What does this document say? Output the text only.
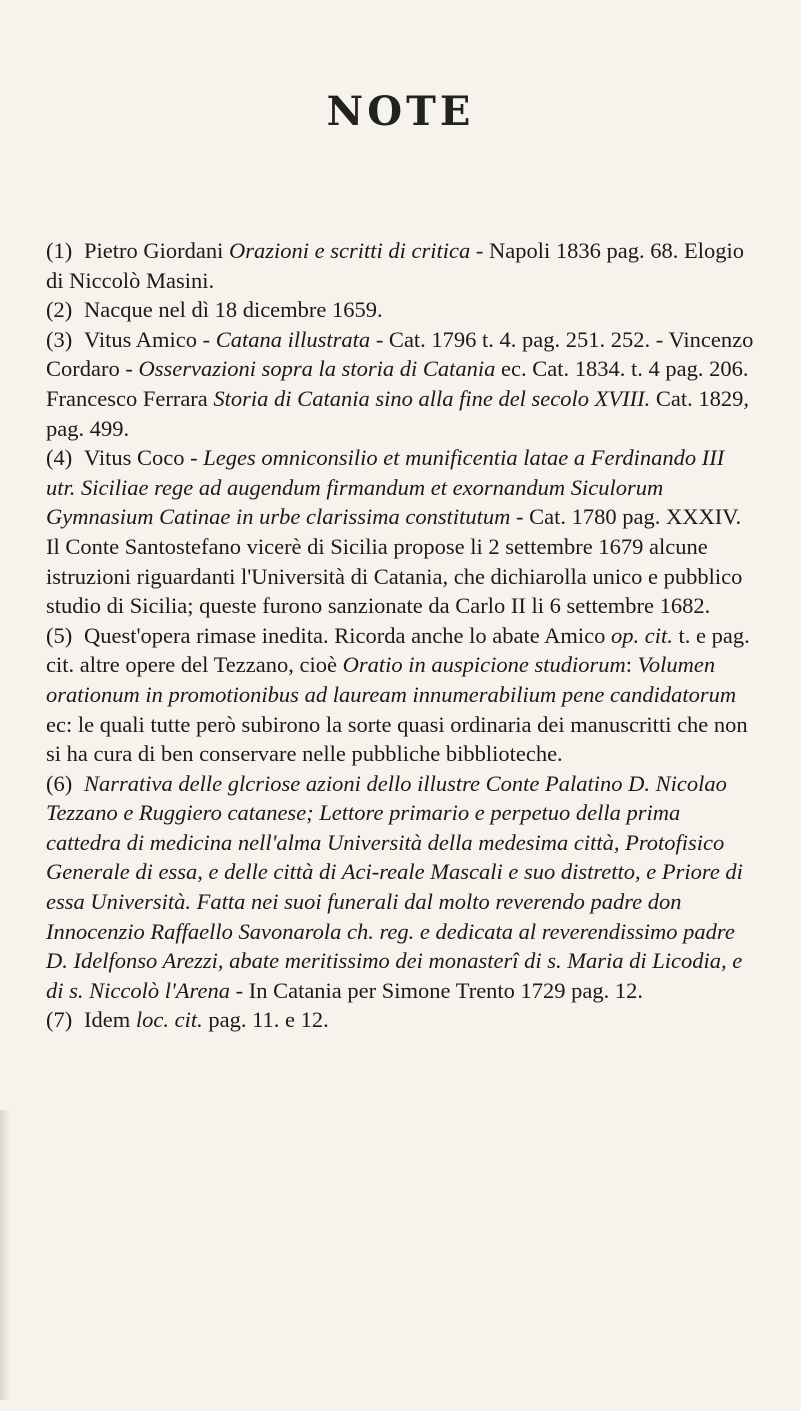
NOTE

(1) Pietro Giordani Orazioni e scritti di critica - Napoli 1836 pag. 68. Elogio di Niccolò Masini.

(2) Nacque nel dì 18 dicembre 1659.

(3) Vitus Amico - Catana illustrata - Cat. 1796 t. 4. pag. 251. 252. - Vincenzo Cordaro - Osservazioni sopra la storia di Catania ec. Cat. 1834. t. 4 pag. 206. Francesco Ferrara Storia di Catania sino alla fine del secolo XVIII. Cat. 1829, pag. 499.

(4) Vitus Coco - Leges omniconsilio et munificentia latae a Ferdinando III utr. Siciliae rege ad augendum firmandum et exornandum Siculorum Gymnasium Catinae in urbe clarissima constitutum - Cat. 1780 pag. XXXIV. Il Conte Santostefano vicerè di Sicilia propose li 2 settembre 1679 alcune istruzioni riguardanti l'Università di Catania, che dichiarolla unico e pubblico studio di Sicilia; queste furono sanzionate da Carlo II li 6 settembre 1682.

(5) Quest'opera rimase inedita. Ricorda anche lo abate Amico op. cit. t. e pag. cit. altre opere del Tezzano, cioè Oratio in auspicione studiorum: Volumen orationum in promotionibus ad lauream innumerabilium pene candidatorum ec: le quali tutte però subirono la sorte quasi ordinaria dei manuscritti che non si ha cura di ben conservare nelle pubbliche bibblioteche.

(6) Narrativa delle glcriose azioni dello illustre Conte Palatino D. Nicolao Tezzano e Ruggiero catanese; Lettore primario e perpetuo della prima cattedra di medicina nell'alma Università della medesima città, Protofisico Generale di essa, e delle città di Aci-reale Mascali e suo distretto, e Priore di essa Università. Fatta nei suoi funerali dal molto reverendo padre don Innocenzio Raffaello Savonarola ch. reg. e dedicata al reverendissimo padre D. Idelfonso Arezzi, abate meritissimo dei monasterî di s. Maria di Licodia, e di s. Niccolò l'Arena - In Catania per Simone Trento 1729 pag. 12.

(7) Idem loc. cit. pag. 11. e 12.
